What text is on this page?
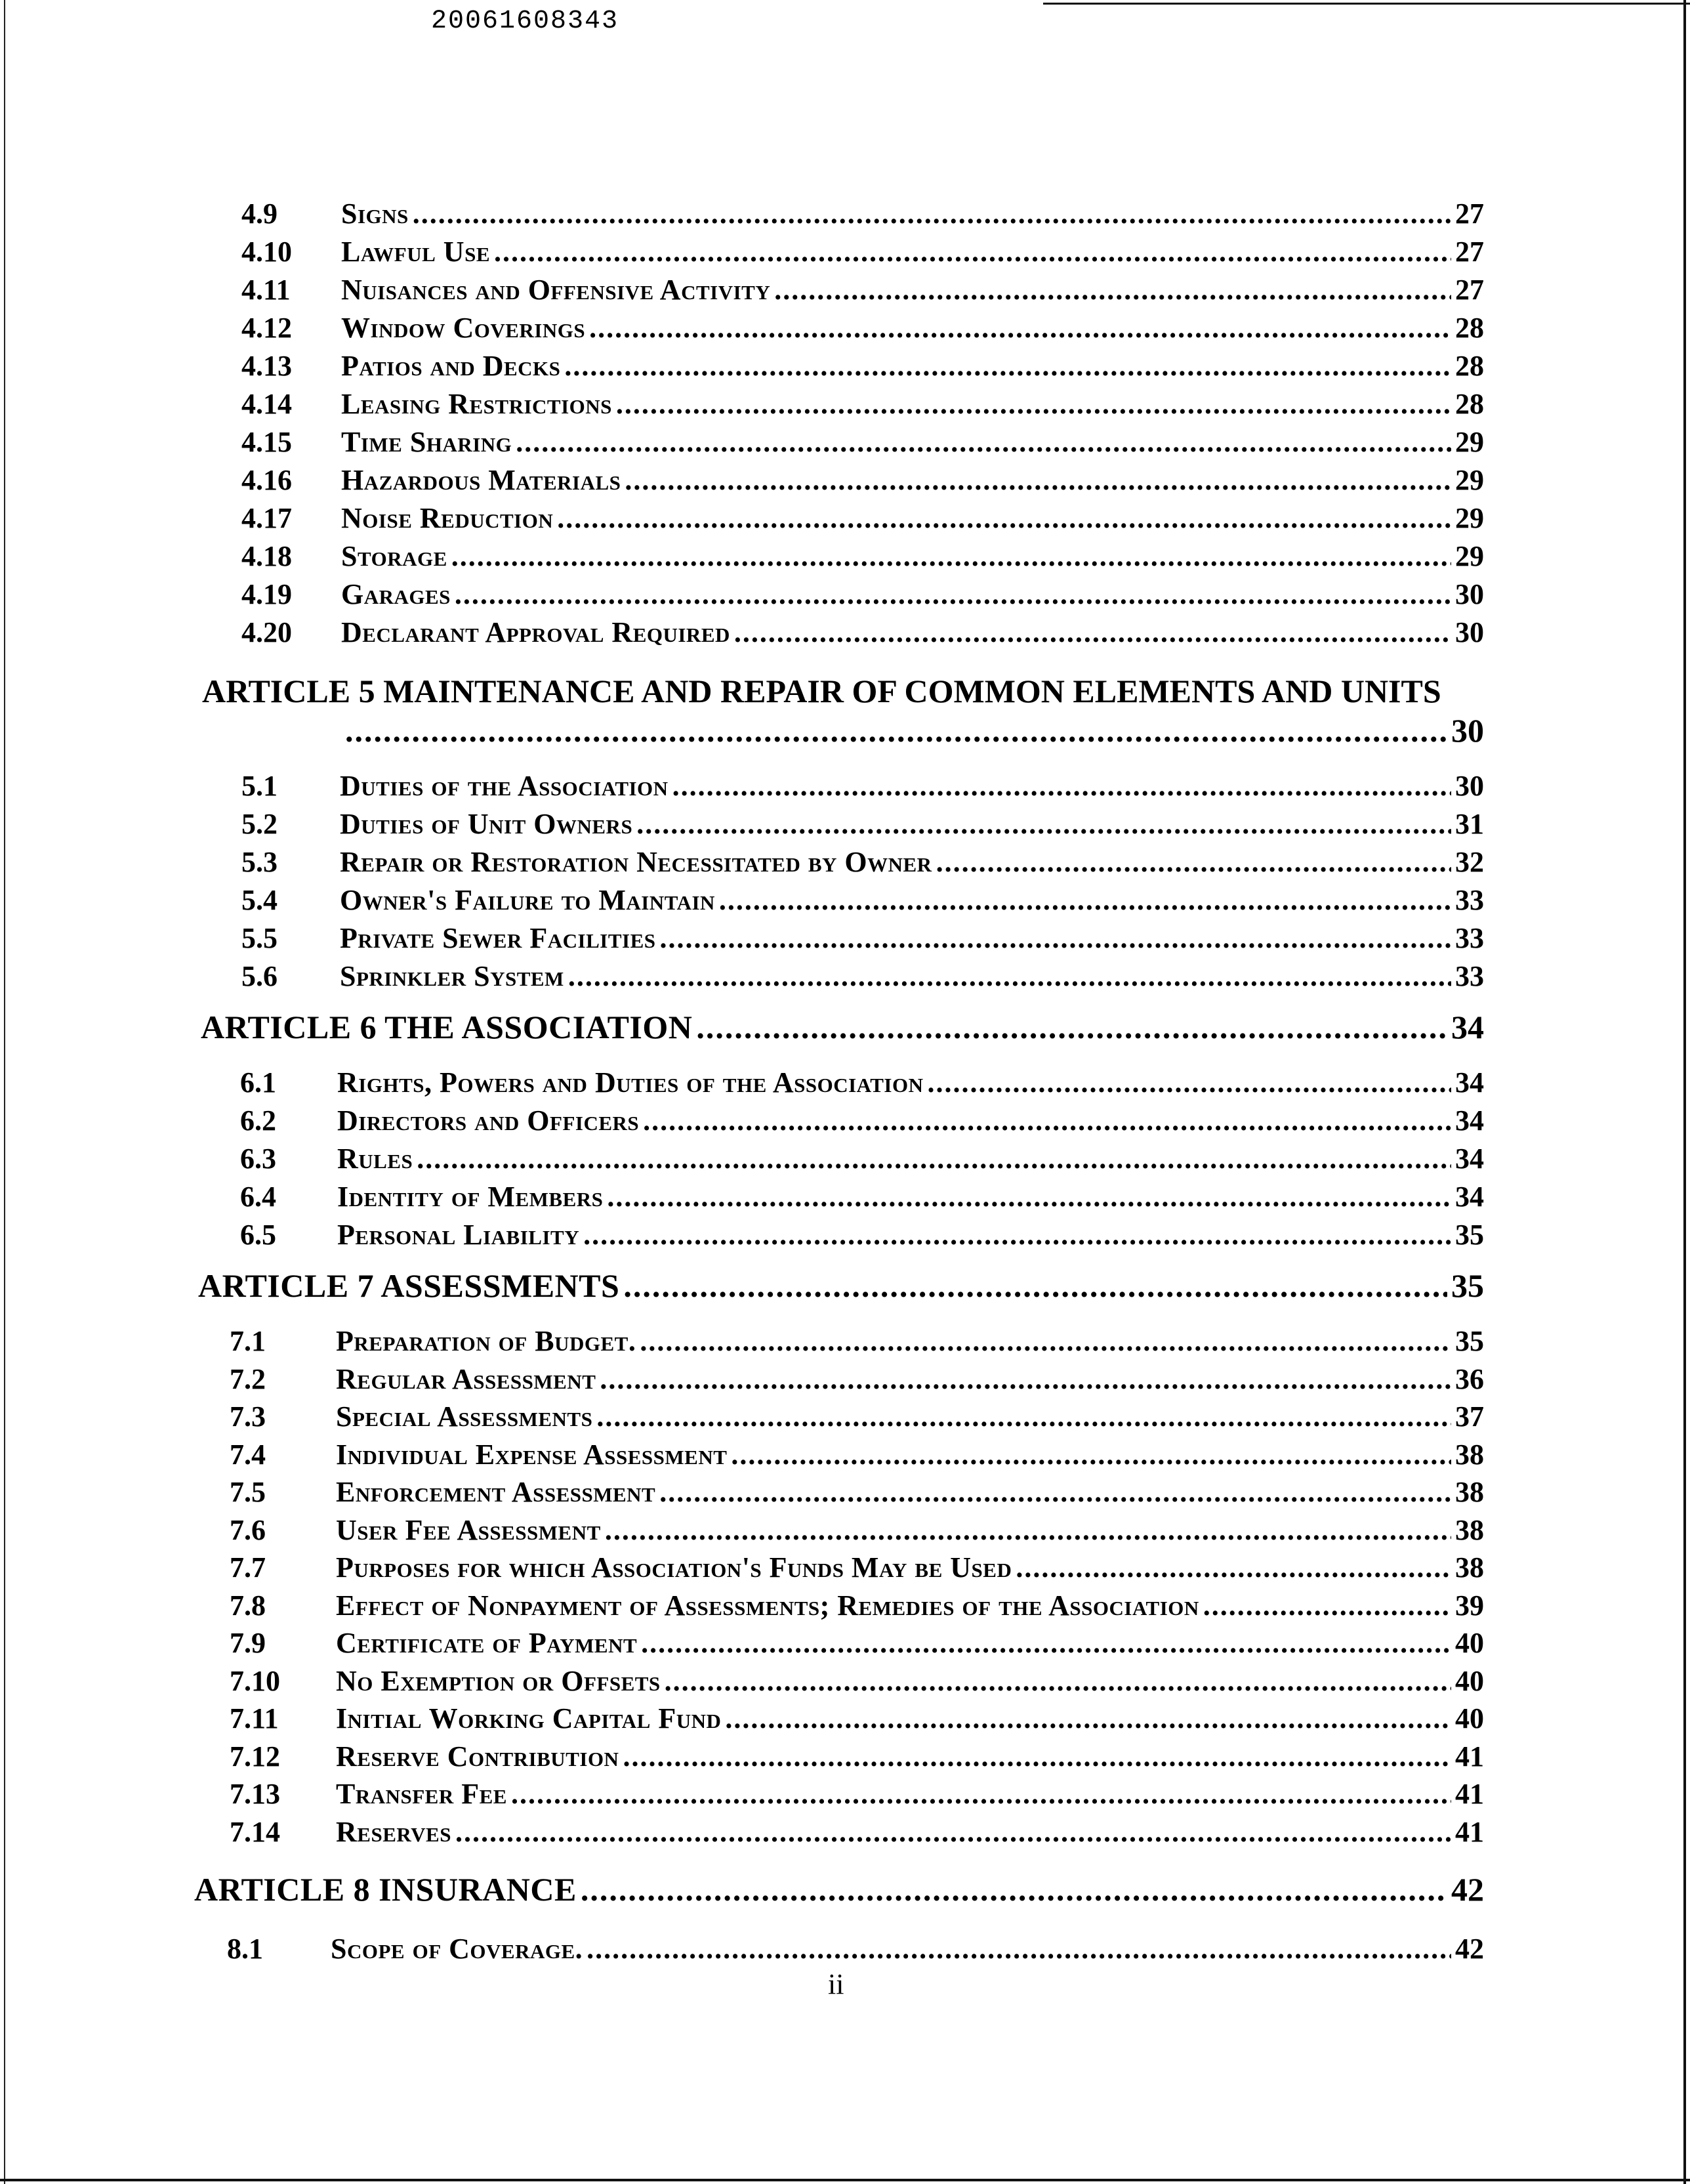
20061608343
4.9 Signs .....	27
4.10 Lawful Use .....	27
4.11 Nuisances and Offensive Activity .....	27
4.12 Window Coverings .....	28
4.13 Patios and Decks .....	28
4.14 Leasing Restrictions .....	28
4.15 Time Sharing .....	29
4.16 Hazardous Materials .....	29
4.17 Noise Reduction .....	29
4.18 Storage .....	29
4.19 Garages .....	30
4.20 Declarant Approval Required .....	30
ARTICLE 5 MAINTENANCE AND REPAIR OF COMMON ELEMENTS AND UNITS
.....
30
5.1 Duties of the Association .....	30
5.2 Duties of Unit Owners .....	31
5.3 Repair or Restoration Necessitated by Owner .....	32
5.4 Owner's Failure to Maintain .....	33
5.5 Private Sewer Facilities .....	33
5.6 Sprinkler System .....	33
ARTICLE 6 THE ASSOCIATION .....	34
6.1 Rights, Powers and Duties of the Association .....	34
6.2 Directors and Officers .....	34
6.3 Rules .....	34
6.4 Identity of Members .....	34
6.5 Personal Liability .....	35
ARTICLE 7 ASSESSMENTS .....	35
7.1 Preparation of Budget. .....	35
7.2 Regular Assessment .....	36
7.3 Special Assessments .....	37
7.4 Individual Expense Assessment .....	38
7.5 Enforcement Assessment .....	38
7.6 User Fee Assessment .....	38
7.7 Purposes for which Association's Funds May be Used .....	38
7.8 Effect of Nonpayment of Assessments; Remedies of the Association .....	39
7.9 Certificate of Payment .....	40
7.10 No Exemption or Offsets .....	40
7.11 Initial Working Capital Fund .....	40
7.12 Reserve Contribution .....	41
7.13 Transfer Fee .....	41
7.14 Reserves .....	41
ARTICLE 8 INSURANCE .....	42
8.1 Scope of Coverage. .....	42
ii
